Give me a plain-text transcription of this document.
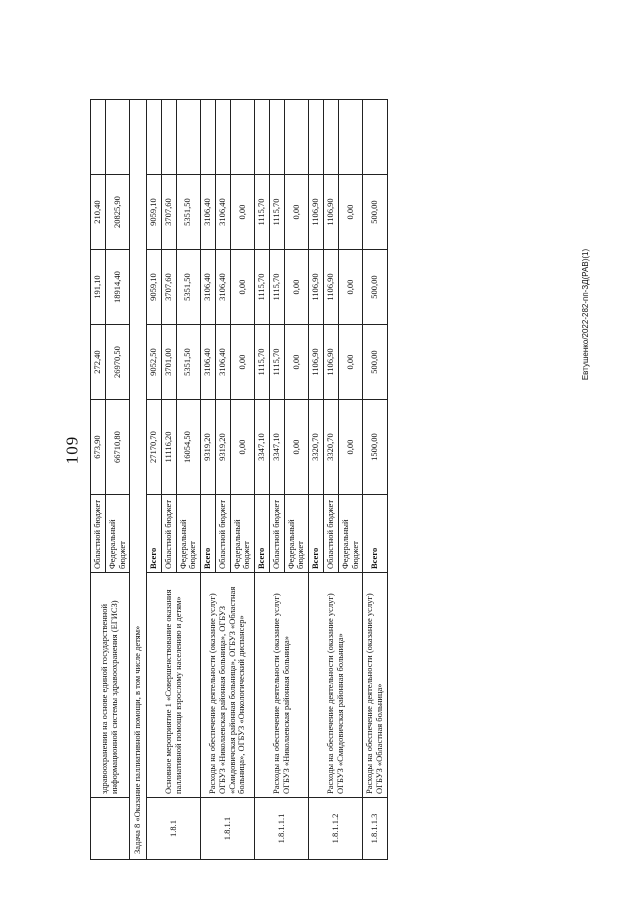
109
Евтушенко/2022-282-пп-ЗД(РАВ)(1)
	здравоохранении на основе единой государственной информационной системы здравоохранения (ЕГИСЗ)	Областной бюджет	673,90	272,40	191,10	210,40	
		Федеральный бюджет	66710,80	26970,50	18914,40	20825,90	
Задача 8 «Оказание паллиативной помощи, в том числе детям»							
1.8.1	Основное мероприятие 1 «Совершенствование оказания паллиативной помощи взрослому населению и детям»	Всего	27170,70	9052,50	9059,10	9059,10	
		Областной бюджет	11116,20	3701,00	3707,60	3707,60	
		Федеральный бюджет	16054,50	5351,50	5351,50	5351,50	
1.8.1.1	Расходы на обеспечение деятельности (оказание услуг) ОГБУЗ «Николаевская районная больница», ОГБУЗ «Смидовичская районная больница», ОГБУЗ «Областная больница», ОГБУЗ «Онкологический диспансер»	Всего	9319,20	3106,40	3106,40	3106,40	
		Областной бюджет	9319,20	3106,40	3106,40	3106,40	
		Федеральный бюджет	0,00	0,00	0,00	0,00	
1.8.1.1.1	Расходы на обеспечение деятельности (оказание услуг) ОГБУЗ «Николаевская районная больница»	Всего	3347,10	1115,70	1115,70	1115,70	
		Областной бюджет	3347,10	1115,70	1115,70	1115,70	
		Федеральный бюджет	0,00	0,00	0,00	0,00	
1.8.1.1.2	Расходы на обеспечение деятельности (оказание услуг) ОГБУЗ «Смидовичская районная больница»	Всего	3320,70	1106,90	1106,90	1106,90	
		Областной бюджет	3320,70	1106,90	1106,90	1106,90	
		Федеральный бюджет	0,00	0,00	0,00	0,00	
1.8.1.1.3	Расходы на обеспечение деятельности (оказание услуг) ОГБУЗ «Областная больница»	Всего	1500,00	500,00	500,00	500,00	
